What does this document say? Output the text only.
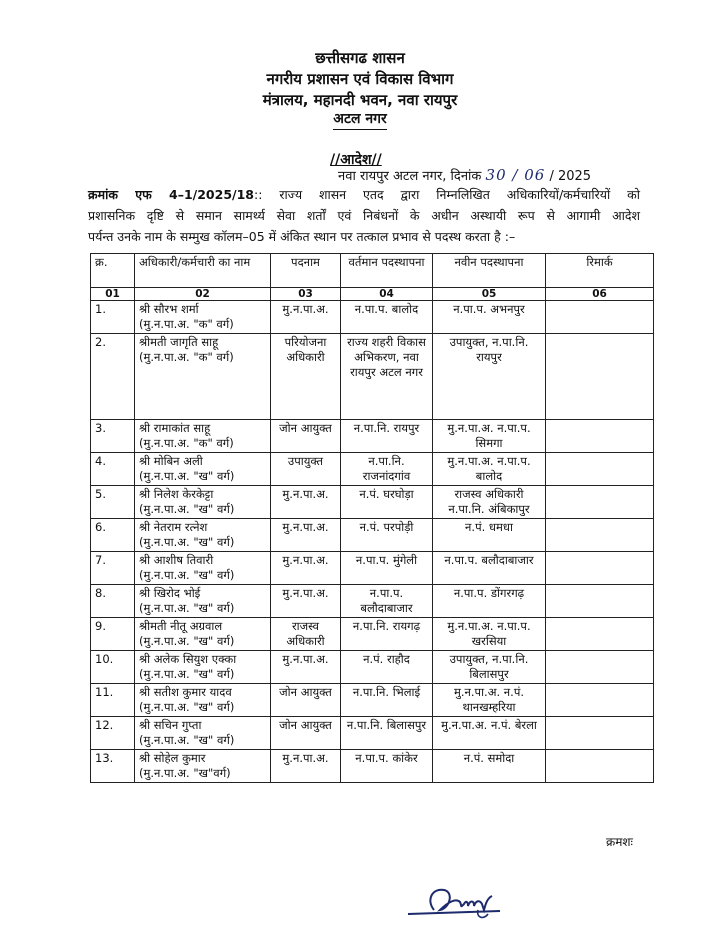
छत्तीसगढ शासन
नगरीय प्रशासन एवं विकास विभाग
मंत्रालय, महानदी भवन, नवा रायपुर
अटल नगर
//आदेश//
नवा रायपुर अटल नगर, दिनांक 30 / 06 / 2025
क्रमांक एफ 4–1/2025/18:: राज्य शासन एतद द्वारा निम्नलिखित अधिकारियों/कर्मचारियों को
प्रशासनिक दृष्टि से समान सामर्थ्य सेवा शर्तों एवं निबंधनों के अधीन अस्थायी रूप से आगामी आदेश
पर्यन्त उनके नाम के सम्मुख कॉलम–05 में अंकित स्थान पर तत्काल प्रभाव से पदस्थ करता है :–
क्र.	अधिकारी/कर्मचारी का नाम	पदनाम	वर्तमान पदस्थापना	नवीन पदस्थापना	रिमार्क
01	02	03	04	05	06
1.	श्री सौरभ शर्मा
(मु.न.पा.अ. "क" वर्ग)	मु.न.पा.अ.	न.पा.प. बालोद	न.पा.प. अभनपुर	
2.	श्रीमती जागृति साहू
(मु.न.पा.अ. "क" वर्ग)	परियोजना अधिकारी	राज्य शहरी विकास अभिकरण, नवा रायपुर अटल नगर	उपायुक्त, न.पा.नि. रायपुर	
3.	श्री रामाकांत साहू
(मु.न.पा.अ. "क" वर्ग)	जोन आयुक्त	न.पा.नि. रायपुर	मु.न.पा.अ. न.पा.प. सिमगा	
4.	श्री मोबिन अली
(मु.न.पा.अ. "ख" वर्ग)	उपायुक्त	न.पा.नि. राजनांदगांव	मु.न.पा.अ. न.पा.प. बालोद	
5.	श्री निलेश केरकेट्टा
(मु.न.पा.अ. "ख" वर्ग)	मु.न.पा.अ.	न.पं. घरघोड़ा	राजस्व अधिकारी न.पा.नि. अंबिकापुर	
6.	श्री नेतराम रत्नेश
(मु.न.पा.अ. "ख" वर्ग)	मु.न.पा.अ.	न.पं. परपोड़ी	न.पं. धमधा	
7.	श्री आशीष तिवारी
(मु.न.पा.अ. "ख" वर्ग)	मु.न.पा.अ.	न.पा.प. मुंगेली	न.पा.प. बलौदाबाजार	
8.	श्री खिरोद भोई
(मु.न.पा.अ. "ख" वर्ग)	मु.न.पा.अ.	न.पा.प. बलौदाबाजार	न.पा.प. डोंगरगढ़	
9.	श्रीमती नीतू अग्रवाल
(मु.न.पा.अ. "ख" वर्ग)	राजस्व अधिकारी	न.पा.नि. रायगढ़	मु.न.पा.अ. न.पा.प. खरसिया	
10.	श्री अलेक सियुश एक्का
(मु.न.पा.अ. "ख" वर्ग)	मु.न.पा.अ.	न.पं. राहौद	उपायुक्त, न.पा.नि. बिलासपुर	
11.	श्री सतीश कुमार यादव
(मु.न.पा.अ. "ख" वर्ग)	जोन आयुक्त	न.पा.नि. भिलाई	मु.न.पा.अ. न.पं. थानखम्हरिया	
12.	श्री सचिन गुप्ता
(मु.न.पा.अ. "ख" वर्ग)	जोन आयुक्त	न.पा.नि. बिलासपुर	मु.न.पा.अ. न.पं. बेरला	
13.	श्री सोहेल कुमार
(मु.न.पा.अ. "ख"वर्ग)	मु.न.पा.अ.	न.पा.प. कांकेर	न.पं. समोदा	
क्रमशः
